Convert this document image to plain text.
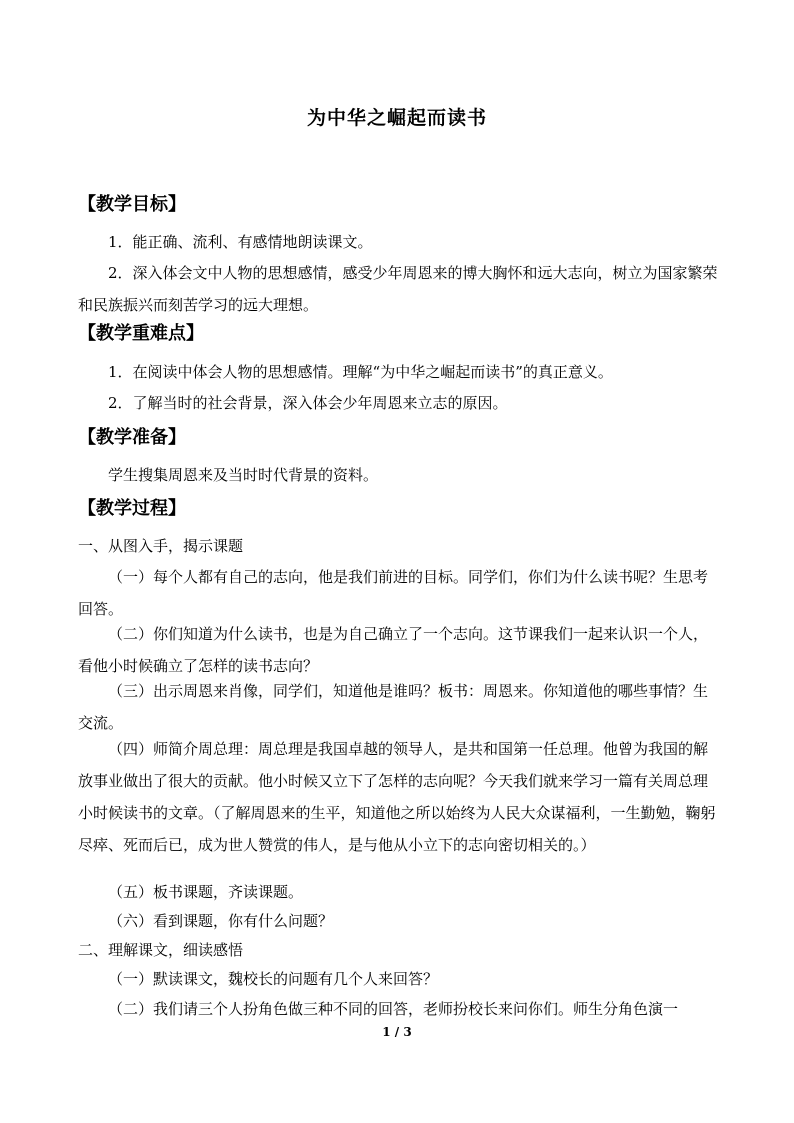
为中华之崛起而读书
【教学目标】
1．能正确、流利、有感情地朗读课文。
2．深入体会文中人物的思想感情，感受少年周恩来的博大胸怀和远大志向，树立为国家繁荣和民族振兴而刻苦学习的远大理想。
【教学重难点】
1．在阅读中体会人物的思想感情。理解“为中华之崛起而读书”的真正意义。
2．了解当时的社会背景，深入体会少年周恩来立志的原因。
【教学准备】
学生搜集周恩来及当时时代背景的资料。
【教学过程】
一、从图入手，揭示课题
（一）每个人都有自己的志向，他是我们前进的目标。同学们，你们为什么读书呢？生思考回答。
（二）你们知道为什么读书，也是为自己确立了一个志向。这节课我们一起来认识一个人，看他小时候确立了怎样的读书志向？
（三）出示周恩来肖像，同学们，知道他是谁吗？板书：周恩来。你知道他的哪些事情？生交流。
（四）师简介周总理：周总理是我国卓越的领导人，是共和国第一任总理。他曾为我国的解放事业做出了很大的贡献。他小时候又立下了怎样的志向呢？今天我们就来学习一篇有关周总理小时候读书的文章。（了解周恩来的生平，知道他之所以始终为人民大众谋福利，一生勤勉，鞠躬尽瘁、死而后已，成为世人赞赏的伟人，是与他从小立下的志向密切相关的。）
（五）板书课题，齐读课题。
（六）看到课题，你有什么问题？
二、理解课文，细读感悟
（一）默读课文，魏校长的问题有几个人来回答？
（二）我们请三个人扮角色做三种不同的回答，老师扮校长来问你们。师生分角色演一
1 / 3
